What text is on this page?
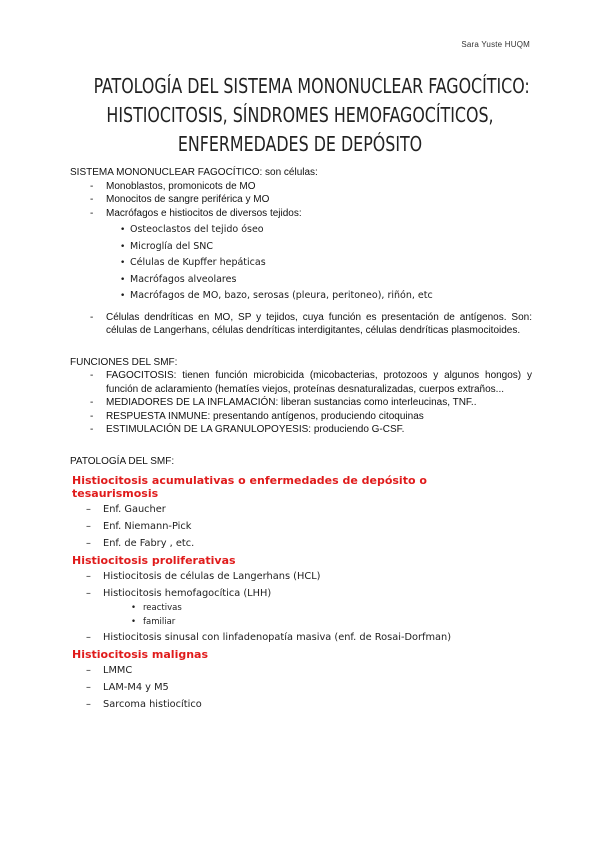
Sara Yuste HUQM
PATOLOGÍA DEL SISTEMA MONONUCLEAR FAGOCÍTICO:
HISTIOCITOSIS, SÍNDROMES HEMOFAGOCÍTICOS,
ENFERMEDADES DE DEPÓSITO
SISTEMA MONONUCLEAR FAGOCÍTICO: son células:
- Monoblastos, promonicots de MO
- Monocitos de sangre periférica y MO
- Macrófagos e histiocitos de diversos tejidos:
• Osteoclastos del tejido óseo
• Microglía del SNC
• Células de Kupffer hepáticas
• Macrófagos alveolares
• Macrófagos de MO, bazo, serosas (pleura, peritoneo), riñón, etc
- Células dendríticas en MO, SP y tejidos, cuya función es presentación de antígenos. Son: células de Langerhans, células dendríticas interdigitantes, células dendríticas plasmocitoides.
FUNCIONES DEL SMF:
- FAGOCITOSIS: tienen función microbicida (micobacterias, protozoos y algunos hongos) y función de aclaramiento (hematíes viejos, proteínas desnaturalizadas, cuerpos extraños...
- MEDIADORES DE LA INFLAMACIÓN: liberan sustancias como interleucinas, TNF..
- RESPUESTA INMUNE: presentando antígenos, produciendo citoquinas
- ESTIMULACIÓN DE LA GRANULOPOYESIS: produciendo G-CSF.
PATOLOGÍA DEL SMF:
Histiocitosis acumulativas o enfermedades de depósito o
tesaurismosis
– Enf. Gaucher
– Enf. Niemann-Pick
– Enf. de Fabry , etc.
Histiocitosis proliferativas
– Histiocitosis de células de Langerhans (HCL)
– Histiocitosis hemofagocítica (LHH)
• reactivas
• familiar
– Histiocitosis sinusal con linfadenopatía masiva (enf. de Rosai-Dorfman)
Histiocitosis malignas
– LMMC
– LAM-M4 y M5
– Sarcoma histiocítico
